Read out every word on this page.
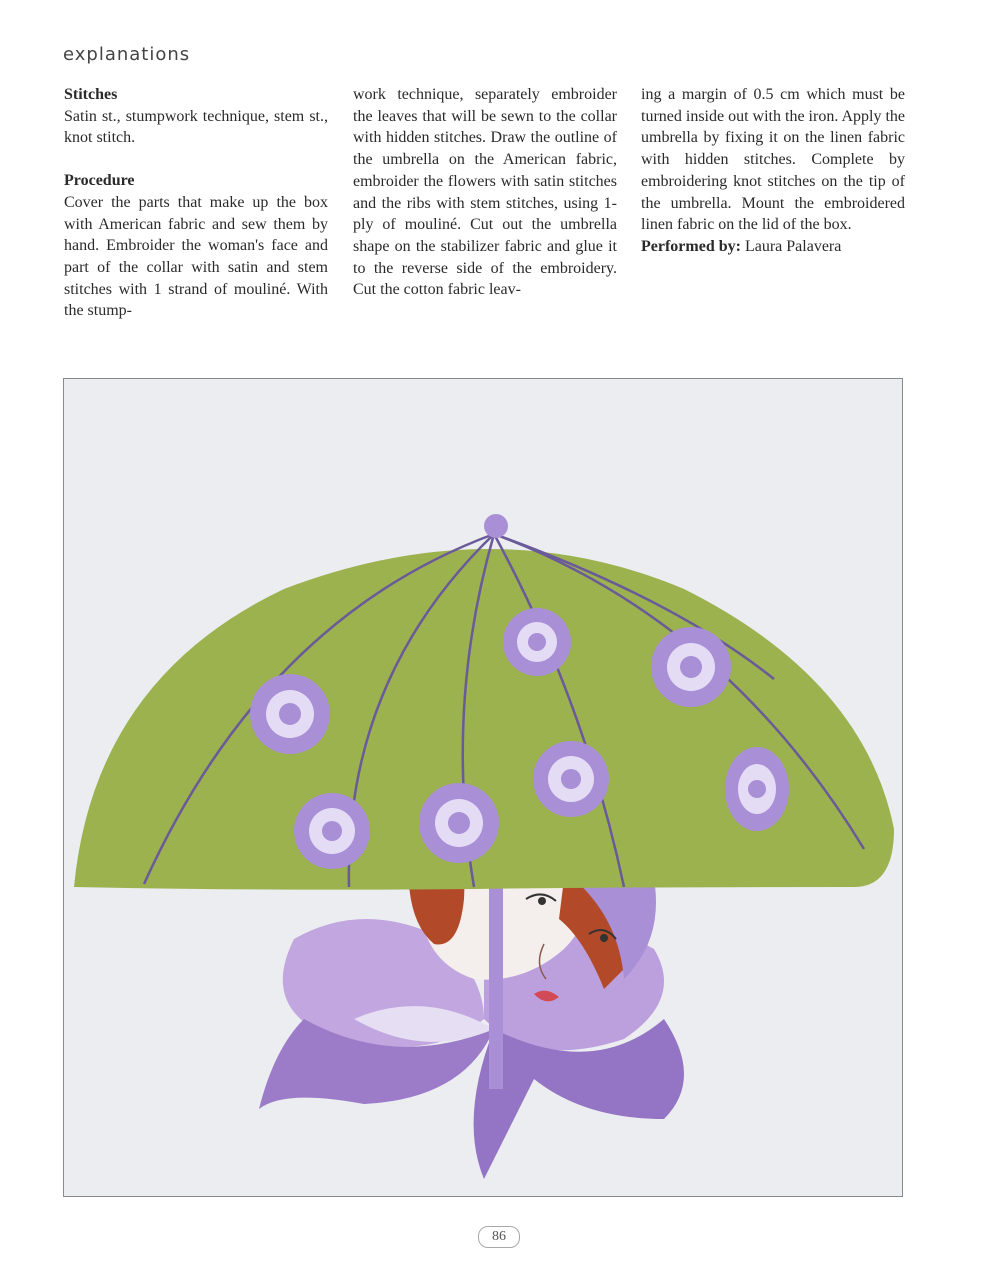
explanations
Stitches

Satin st., stumpwork technique, stem st., knot stitch.

Procedure

Cover the parts that make up the box with American fabric and sew them by hand. Embroider the woman's face and part of the collar with satin and stem stitches with 1 strand of mouliné. With the stump-

work technique, separately embroider the leaves that will be sewn to the collar with hidden stitches. Draw the outline of the umbrella on the American fabric, embroider the flowers with satin stitches and the ribs with stem stitches, using 1-ply of mouliné. Cut out the umbrella shape on the stabilizer fabric and glue it to the reverse side of the embroidery. Cut the cotton fabric leav-

ing a margin of 0.5 cm which must be turned inside out with the iron. Apply the umbrella by fixing it on the linen fabric with hidden stitches. Complete by embroidering knot stitches on the tip of the umbrella. Mount the embroidered linen fabric on the lid of the box.

Performed by: Laura Palavera

86
